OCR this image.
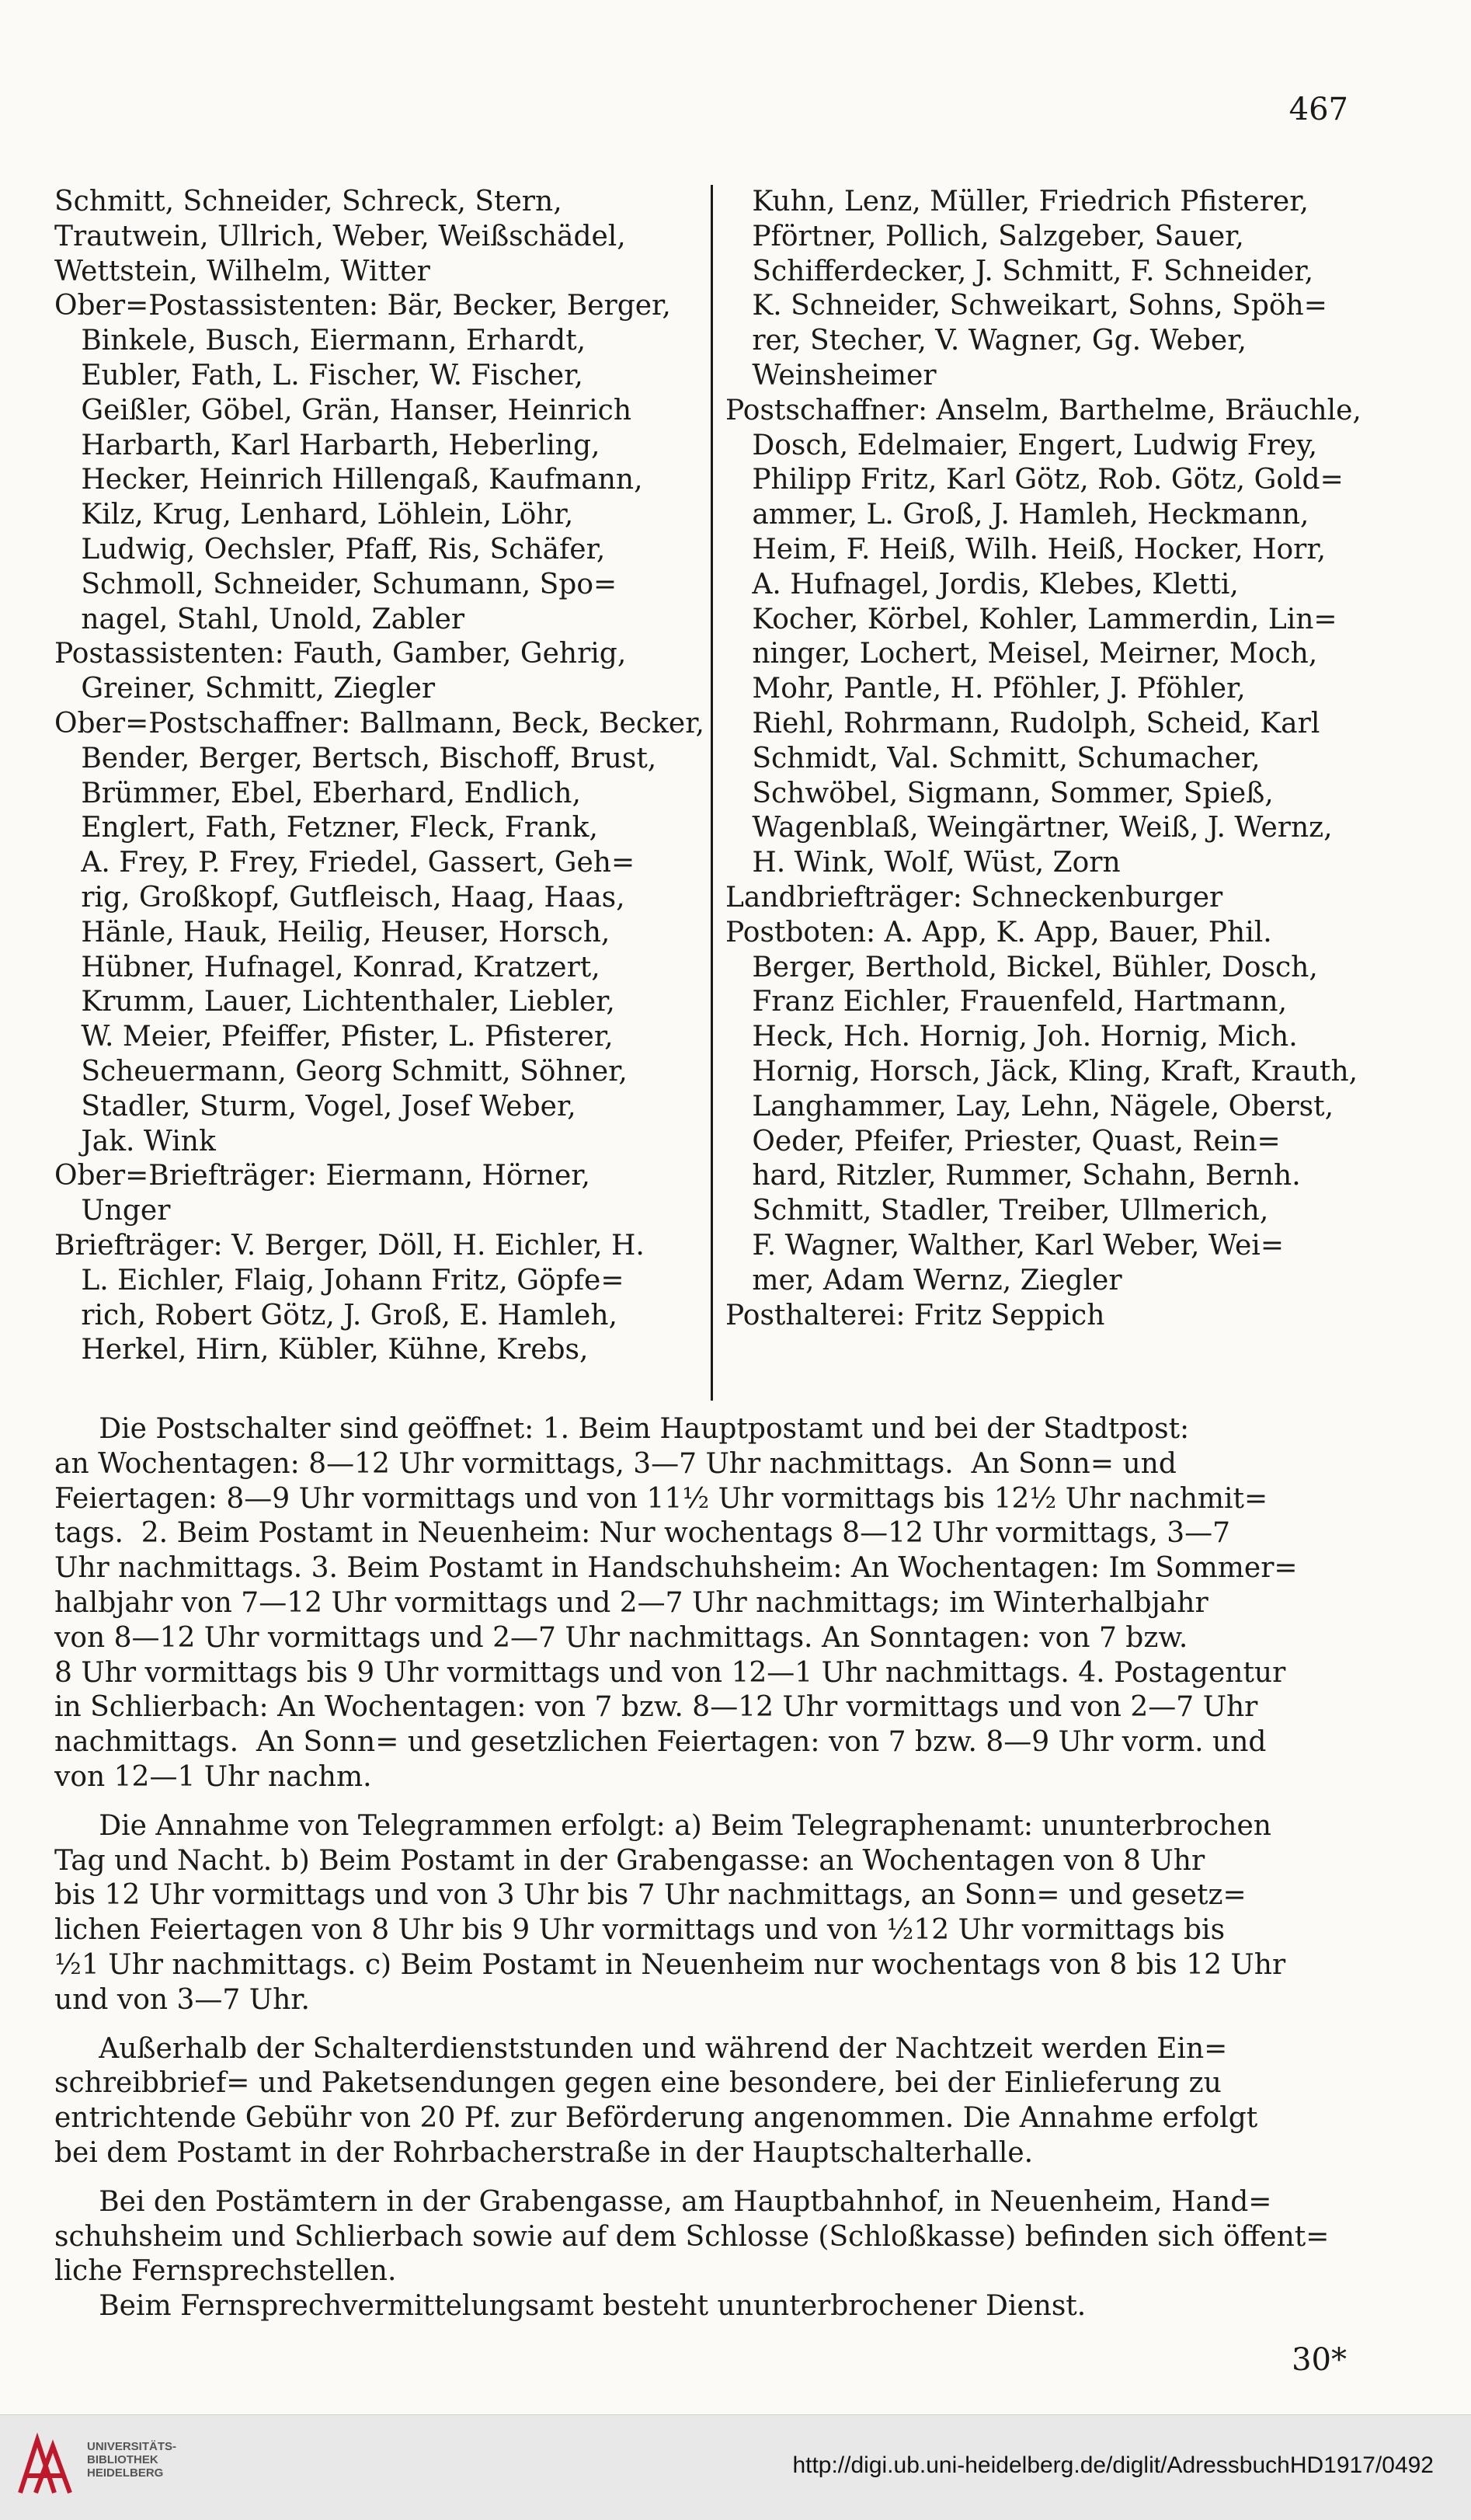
467
Schmitt, Schneider, Schreck, Stern,
Trautwein, Ullrich, Weber, Weißschädel,
Wettstein, Wilhelm, Witter
Ober=Postassistenten: Bär, Becker, Berger,
Binkele, Busch, Eiermann, Erhardt,
Eubler, Fath, L. Fischer, W. Fischer,
Geißler, Göbel, Grän, Hanser, Heinrich
Harbarth, Karl Harbarth, Heberling,
Hecker, Heinrich Hillengaß, Kaufmann,
Kilz, Krug, Lenhard, Löhlein, Löhr,
Ludwig, Oechsler, Pfaff, Ris, Schäfer,
Schmoll, Schneider, Schumann, Spo=
nagel, Stahl, Unold, Zabler
Postassistenten: Fauth, Gamber, Gehrig,
Greiner, Schmitt, Ziegler
Ober=Postschaffner: Ballmann, Beck, Becker,
Bender, Berger, Bertsch, Bischoff, Brust,
Brümmer, Ebel, Eberhard, Endlich,
Englert, Fath, Fetzner, Fleck, Frank,
A. Frey, P. Frey, Friedel, Gassert, Geh=
rig, Großkopf, Gutfleisch, Haag, Haas,
Hänle, Hauk, Heilig, Heuser, Horsch,
Hübner, Hufnagel, Konrad, Kratzert,
Krumm, Lauer, Lichtenthaler, Liebler,
W. Meier, Pfeiffer, Pfister, L. Pfisterer,
Scheuermann, Georg Schmitt, Söhner,
Stadler, Sturm, Vogel, Josef Weber,
Jak. Wink
Ober=Briefträger: Eiermann, Hörner,
Unger
Briefträger: V. Berger, Döll, H. Eichler, H.
L. Eichler, Flaig, Johann Fritz, Göpfe=
rich, Robert Götz, J. Groß, E. Hamleh,
Herkel, Hirn, Kübler, Kühne, Krebs,
Kuhn, Lenz, Müller, Friedrich Pfisterer,
Pförtner, Pollich, Salzgeber, Sauer,
Schifferdecker, J. Schmitt, F. Schneider,
K. Schneider, Schweikart, Sohns, Spöh=
rer, Stecher, V. Wagner, Gg. Weber,
Weinsheimer
Postschaffner: Anselm, Barthelme, Bräuchle,
Dosch, Edelmaier, Engert, Ludwig Frey,
Philipp Fritz, Karl Götz, Rob. Götz, Gold=
ammer, L. Groß, J. Hamleh, Heckmann,
Heim, F. Heiß, Wilh. Heiß, Hocker, Horr,
A. Hufnagel, Jordis, Klebes, Kletti,
Kocher, Körbel, Kohler, Lammerdin, Lin=
ninger, Lochert, Meisel, Meirner, Moch,
Mohr, Pantle, H. Pföhler, J. Pföhler,
Riehl, Rohrmann, Rudolph, Scheid, Karl
Schmidt, Val. Schmitt, Schumacher,
Schwöbel, Sigmann, Sommer, Spieß,
Wagenblaß, Weingärtner, Weiß, J. Wernz,
H. Wink, Wolf, Wüst, Zorn
Landbriefträger: Schneckenburger
Postboten: A. App, K. App, Bauer, Phil.
Berger, Berthold, Bickel, Bühler, Dosch,
Franz Eichler, Frauenfeld, Hartmann,
Heck, Hch. Hornig, Joh. Hornig, Mich.
Hornig, Horsch, Jäck, Kling, Kraft, Krauth,
Langhammer, Lay, Lehn, Nägele, Oberst,
Oeder, Pfeifer, Priester, Quast, Rein=
hard, Ritzler, Rummer, Schahn, Bernh.
Schmitt, Stadler, Treiber, Ullmerich,
F. Wagner, Walther, Karl Weber, Wei=
mer, Adam Wernz, Ziegler
Posthalterei: Fritz Seppich
Die Postschalter sind geöffnet: 1. Beim Hauptpostamt und bei der Stadtpost:
an Wochentagen: 8—12 Uhr vormittags, 3—7 Uhr nachmittags.  An Sonn= und
Feiertagen: 8—9 Uhr vormittags und von 11½ Uhr vormittags bis 12½ Uhr nachmit=
tags.  2. Beim Postamt in Neuenheim: Nur wochentags 8—12 Uhr vormittags, 3—7
Uhr nachmittags. 3. Beim Postamt in Handschuhsheim: An Wochentagen: Im Sommer=
halbjahr von 7—12 Uhr vormittags und 2—7 Uhr nachmittags; im Winterhalbjahr
von 8—12 Uhr vormittags und 2—7 Uhr nachmittags. An Sonntagen: von 7 bzw.
8 Uhr vormittags bis 9 Uhr vormittags und von 12—1 Uhr nachmittags. 4. Postagentur
in Schlierbach: An Wochentagen: von 7 bzw. 8—12 Uhr vormittags und von 2—7 Uhr
nachmittags.  An Sonn= und gesetzlichen Feiertagen: von 7 bzw. 8—9 Uhr vorm. und
von 12—1 Uhr nachm.
Die Annahme von Telegrammen erfolgt: a) Beim Telegraphenamt: ununterbrochen
Tag und Nacht. b) Beim Postamt in der Grabengasse: an Wochentagen von 8 Uhr
bis 12 Uhr vormittags und von 3 Uhr bis 7 Uhr nachmittags, an Sonn= und gesetz=
lichen Feiertagen von 8 Uhr bis 9 Uhr vormittags und von ½12 Uhr vormittags bis
½1 Uhr nachmittags. c) Beim Postamt in Neuenheim nur wochentags von 8 bis 12 Uhr
und von 3—7 Uhr.
Außerhalb der Schalterdienststunden und während der Nachtzeit werden Ein=
schreibbrief= und Paketsendungen gegen eine besondere, bei der Einlieferung zu
entrichtende Gebühr von 20 Pf. zur Beförderung angenommen. Die Annahme erfolgt
bei dem Postamt in der Rohrbacherstraße in der Hauptschalterhalle.
Bei den Postämtern in der Grabengasse, am Hauptbahnhof, in Neuenheim, Hand=
schuhsheim und Schlierbach sowie auf dem Schlosse (Schloßkasse) befinden sich öffent=
liche Fernsprechstellen.
Beim Fernsprechvermittelungsamt besteht ununterbrochener Dienst.
30*
UNIVERSITÄTS-
BIBLIOTHEK
HEIDELBERG	http://digi.ub.uni-heidelberg.de/diglit/AdressbuchHD1917/0492
